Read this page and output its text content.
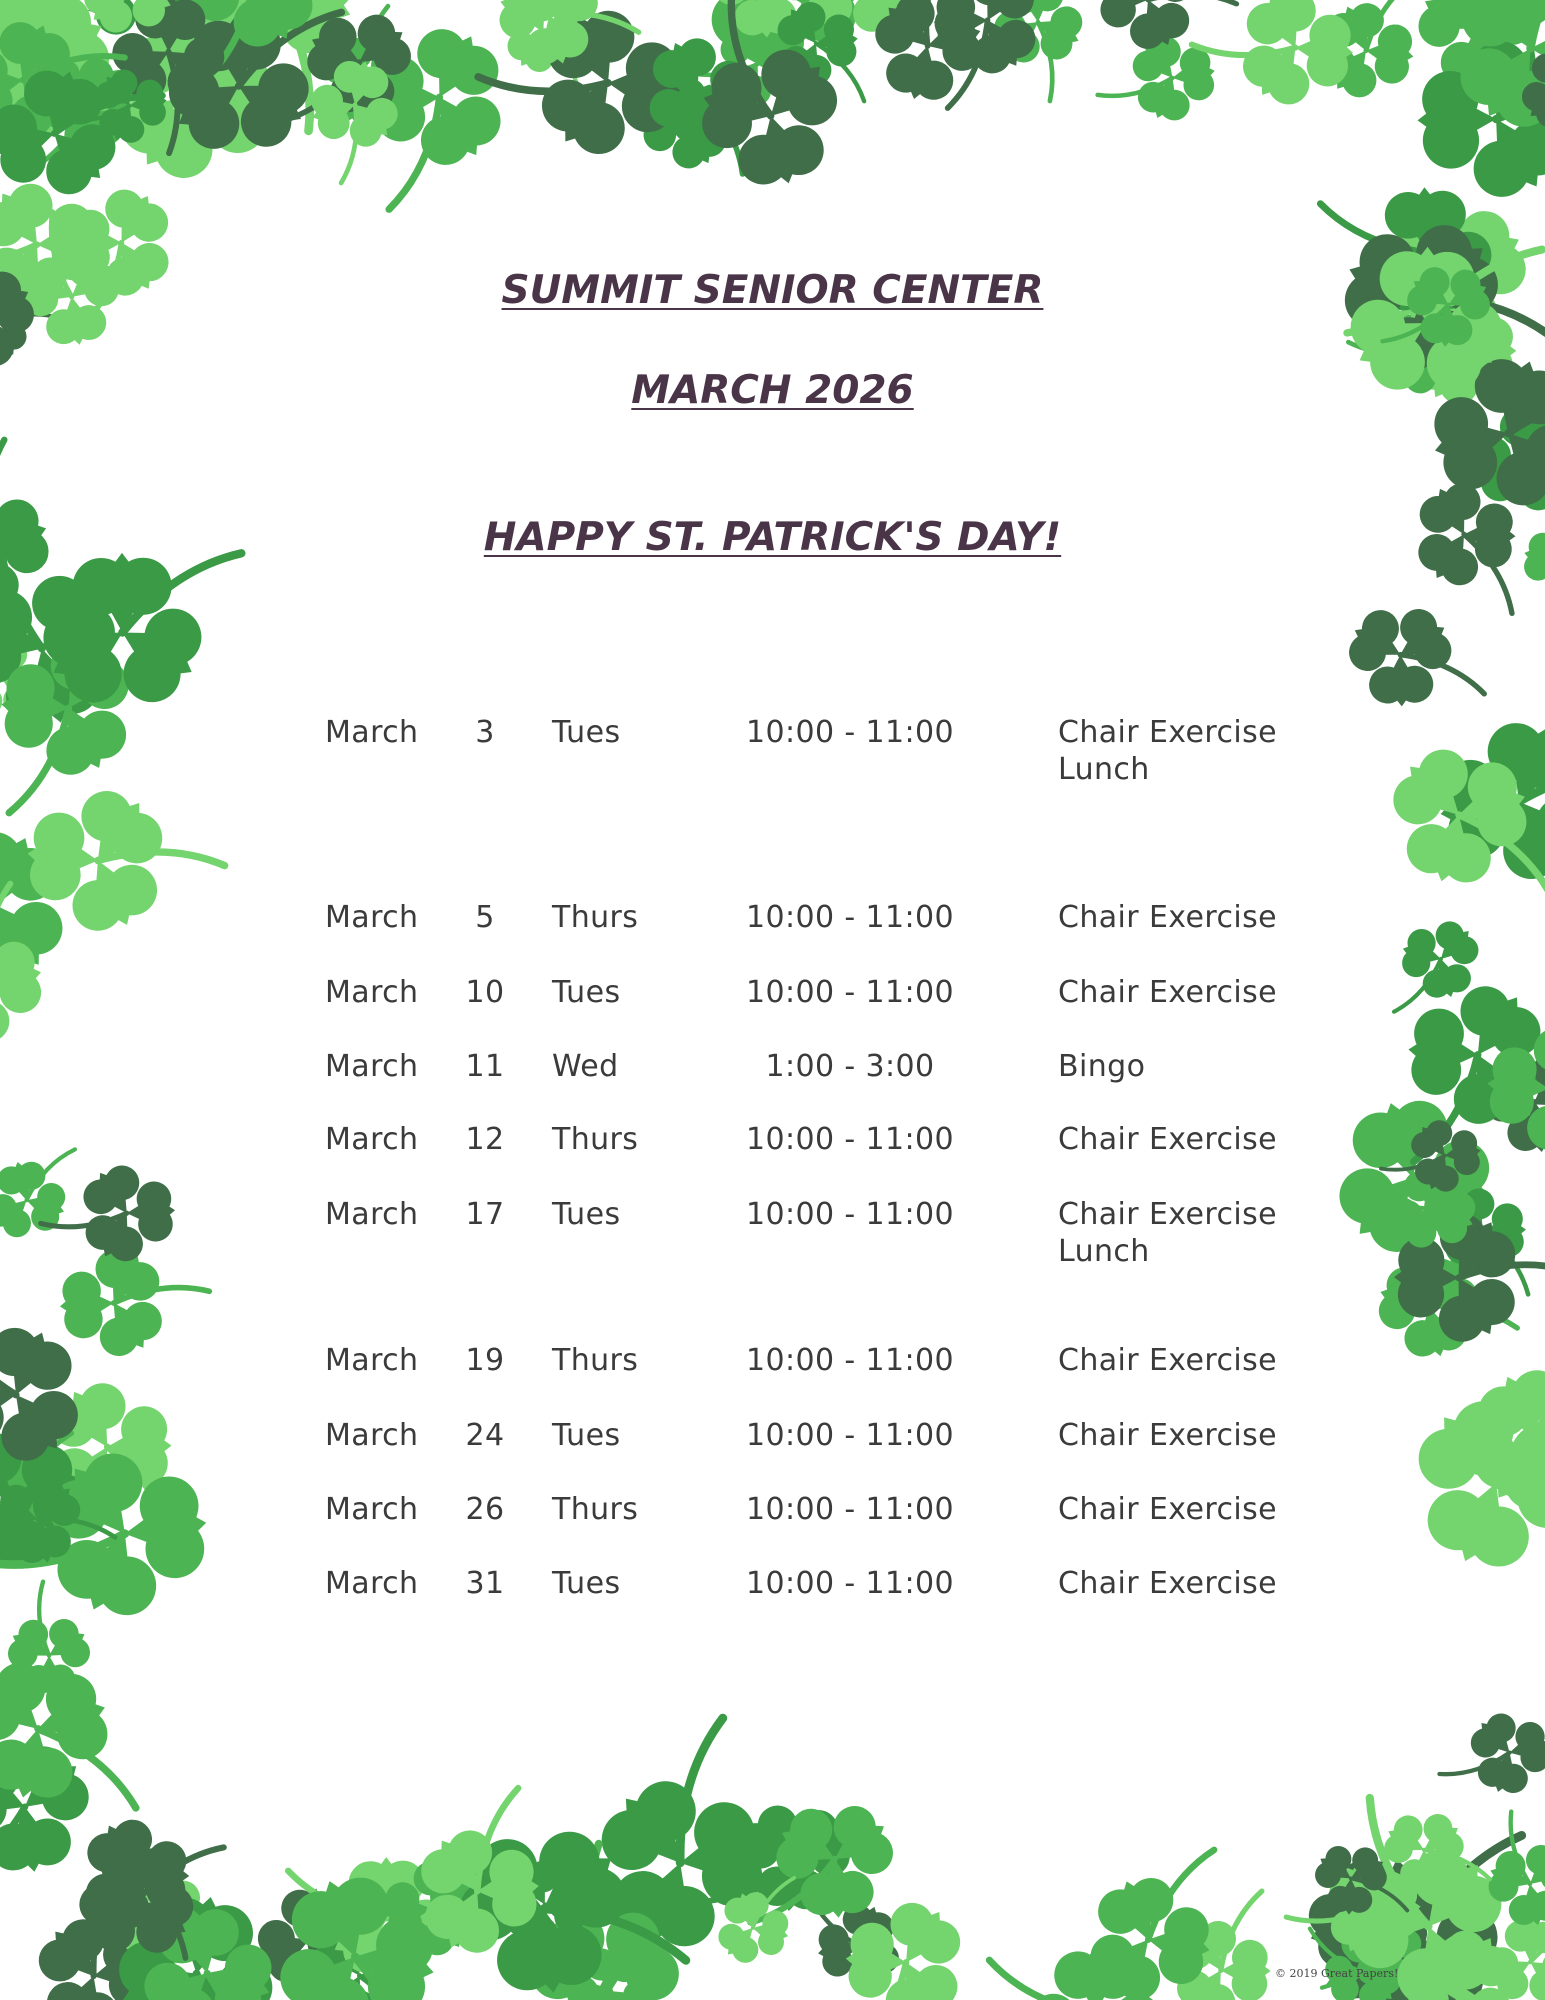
SUMMIT SENIOR CENTER
MARCH 2026
HAPPY ST. PATRICK'S DAY!
March	3	Tues	10:00 - 11:00	Chair Exercise
Lunch
March	5	Thurs	10:00 - 11:00	Chair Exercise
March 10 Tues	10:00 - 11:00	Chair Exercise
March 11 Wed	1:00 - 3:00	Bingo
March 12 Thurs	10:00 - 11:00	Chair Exercise
March 17 Tues	10:00 - 11:00	Chair Exercise
Lunch
March 19 Thurs	10:00 - 11:00	Chair Exercise
March 24 Tues	10:00 - 11:00	Chair Exercise
March 26 Thurs	10:00 - 11:00	Chair Exercise
March 31 Tues	10:00 - 11:00	Chair Exercise
© 2019 Great Papers!
